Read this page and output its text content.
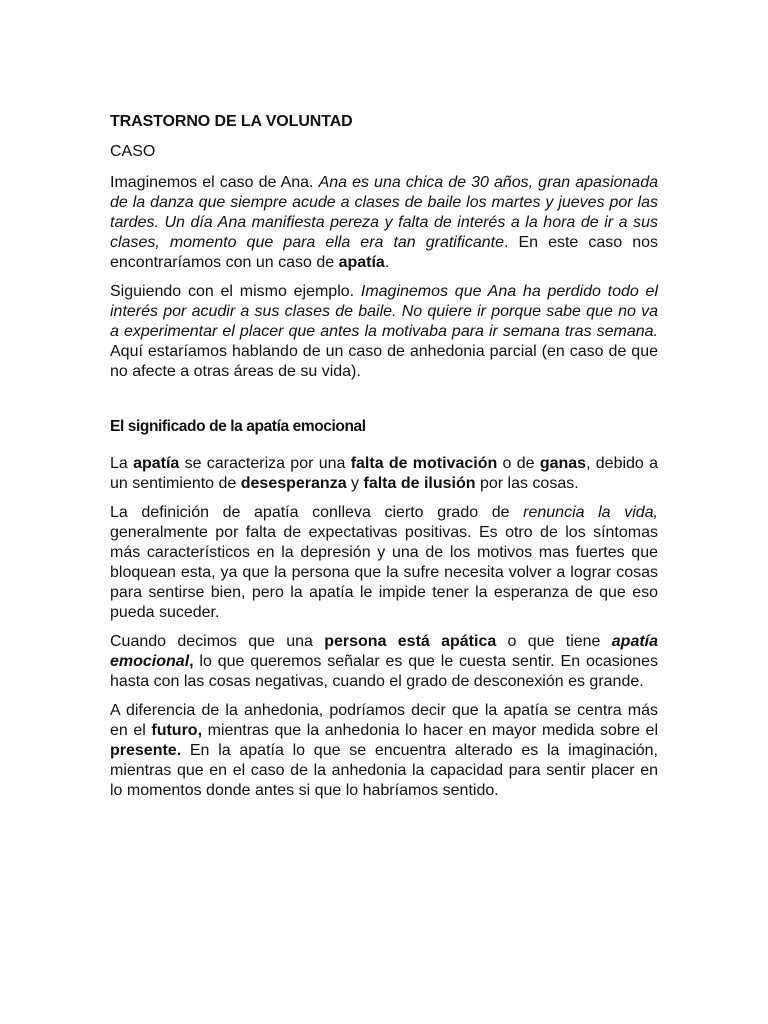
TRASTORNO DE LA VOLUNTAD
CASO

Imaginemos el caso de Ana. Ana es una chica de 30 años, gran apasionada de la danza que siempre acude a clases de baile los martes y jueves por las tardes. Un día Ana manifiesta pereza y falta de interés a la hora de ir a sus clases, momento que para ella era tan gratificante. En este caso nos encontraríamos con un caso de apatía.

Siguiendo con el mismo ejemplo. Imaginemos que Ana ha perdido todo el interés por acudir a sus clases de baile. No quiere ir porque sabe que no va a experimentar el placer que antes la motivaba para ir semana tras semana. Aquí estaríamos hablando de un caso de anhedonia parcial (en caso de que no afecte a otras áreas de su vida).

El significado de la apatía emocional

La apatía se caracteriza por una falta de motivación o de ganas, debido a un sentimiento de desesperanza y falta de ilusión por las cosas.

La definición de apatía conlleva cierto grado de renuncia la vida, generalmente por falta de expectativas positivas. Es otro de los síntomas más característicos en la depresión y una de los motivos mas fuertes que bloquean esta, ya que la persona que la sufre necesita volver a lograr cosas para sentirse bien, pero la apatía le impide tener la esperanza de que eso pueda suceder.

Cuando decimos que una persona está apática o que tiene apatía emocional, lo que queremos señalar es que le cuesta sentir. En ocasiones hasta con las cosas negativas, cuando el grado de desconexión es grande.

A diferencia de la anhedonia, podríamos decir que la apatía se centra más en el futuro, mientras que la anhedonia lo hacer en mayor medida sobre el presente. En la apatía lo que se encuentra alterado es la imaginación, mientras que en el caso de la anhedonia la capacidad para sentir placer en lo momentos donde antes si que lo habríamos sentido.
